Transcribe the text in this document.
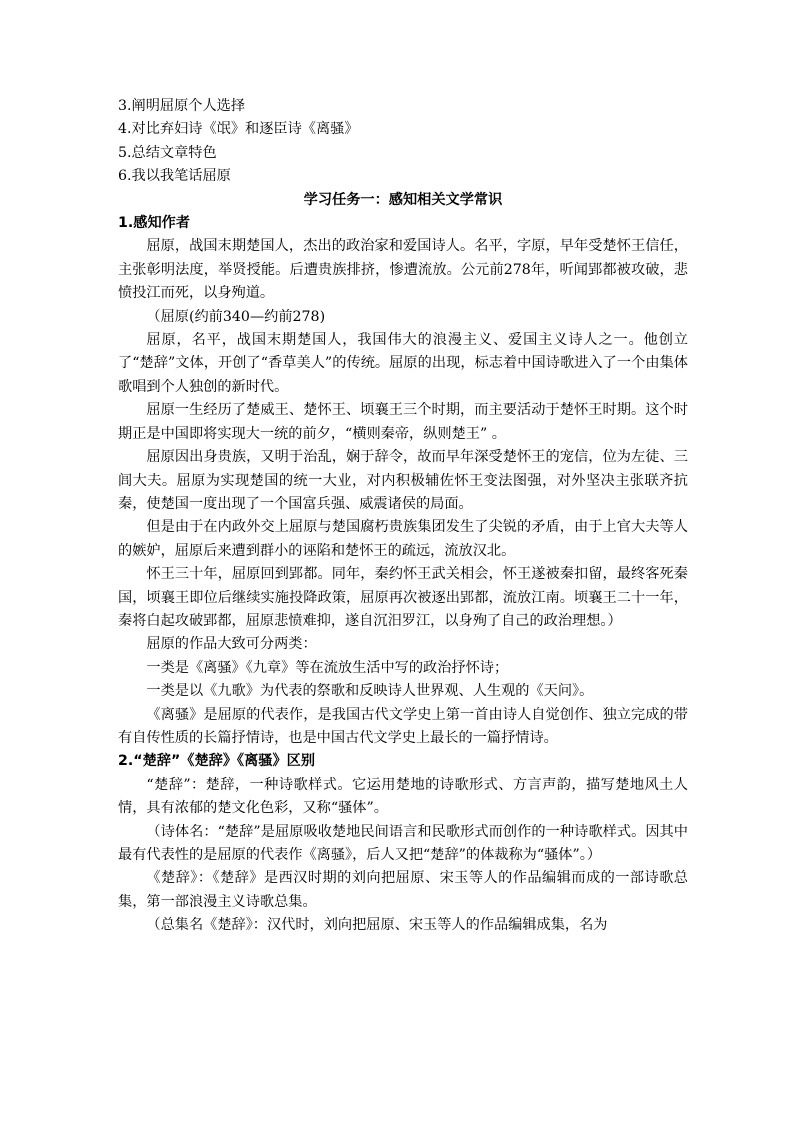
3.阐明屈原个人选择
4.对比弃妇诗《氓》和逐臣诗《离骚》
5.总结文章特色
6.我以我笔话屈原
学习任务一：感知相关文学常识
1.感知作者
屈原，战国末期楚国人，杰出的政治家和爱国诗人。名平，字原，早年受楚怀王信任，主张彰明法度，举贤授能。后遭贵族排挤，惨遭流放。公元前278年，听闻郢都被攻破，悲愤投江而死，以身殉道。
（屈原(约前340—约前278)
屈原，名平，战国末期楚国人，我国伟大的浪漫主义、爱国主义诗人之一。他创立了“楚辞”文体，开创了“香草美人”的传统。屈原的出现，标志着中国诗歌进入了一个由集体歌唱到个人独创的新时代。
屈原一生经历了楚威王、楚怀王、顷襄王三个时期，而主要活动于楚怀王时期。这个时期正是中国即将实现大一统的前夕，“横则秦帝，纵则楚王” 。
屈原因出身贵族，又明于治乱，娴于辞令，故而早年深受楚怀王的宠信，位为左徒、三闾大夫。屈原为实现楚国的统一大业，对内积极辅佐怀王变法图强，对外坚决主张联齐抗秦，使楚国一度出现了一个国富兵强、威震诸侯的局面。
但是由于在内政外交上屈原与楚国腐朽贵族集团发生了尖锐的矛盾，由于上官大夫等人的嫉妒，屈原后来遭到群小的诬陷和楚怀王的疏远，流放汉北。
怀王三十年，屈原回到郢都。同年，秦约怀王武关相会，怀王遂被秦扣留，最终客死秦国，顷襄王即位后继续实施投降政策，屈原再次被逐出郢都，流放江南。顷襄王二十一年，秦将白起攻破郢都，屈原悲愤难抑，遂自沉汨罗江，以身殉了自己的政治理想。）
屈原的作品大致可分两类：
一类是《离骚》《九章》等在流放生活中写的政治抒怀诗；
一类是以《九歌》为代表的祭歌和反映诗人世界观、人生观的《天问》。
《离骚》是屈原的代表作，是我国古代文学史上第一首由诗人自觉创作、独立完成的带有自传性质的长篇抒情诗，也是中国古代文学史上最长的一篇抒情诗。
2.“楚辞”《楚辞》《离骚》区别
“楚辞”：楚辞，一种诗歌样式。它运用楚地的诗歌形式、方言声韵，描写楚地风土人情，具有浓郁的楚文化色彩，又称“骚体”。
（诗体名：“楚辞”是屈原吸收楚地民间语言和民歌形式而创作的一种诗歌样式。因其中最有代表性的是屈原的代表作《离骚》，后人又把“楚辞”的体裁称为“骚体”。）
《楚辞》：《楚辞》是西汉时期的刘向把屈原、宋玉等人的作品编辑而成的一部诗歌总集，第一部浪漫主义诗歌总集。
（总集名《楚辞》：汉代时，刘向把屈原、宋玉等人的作品编辑成集，名为
